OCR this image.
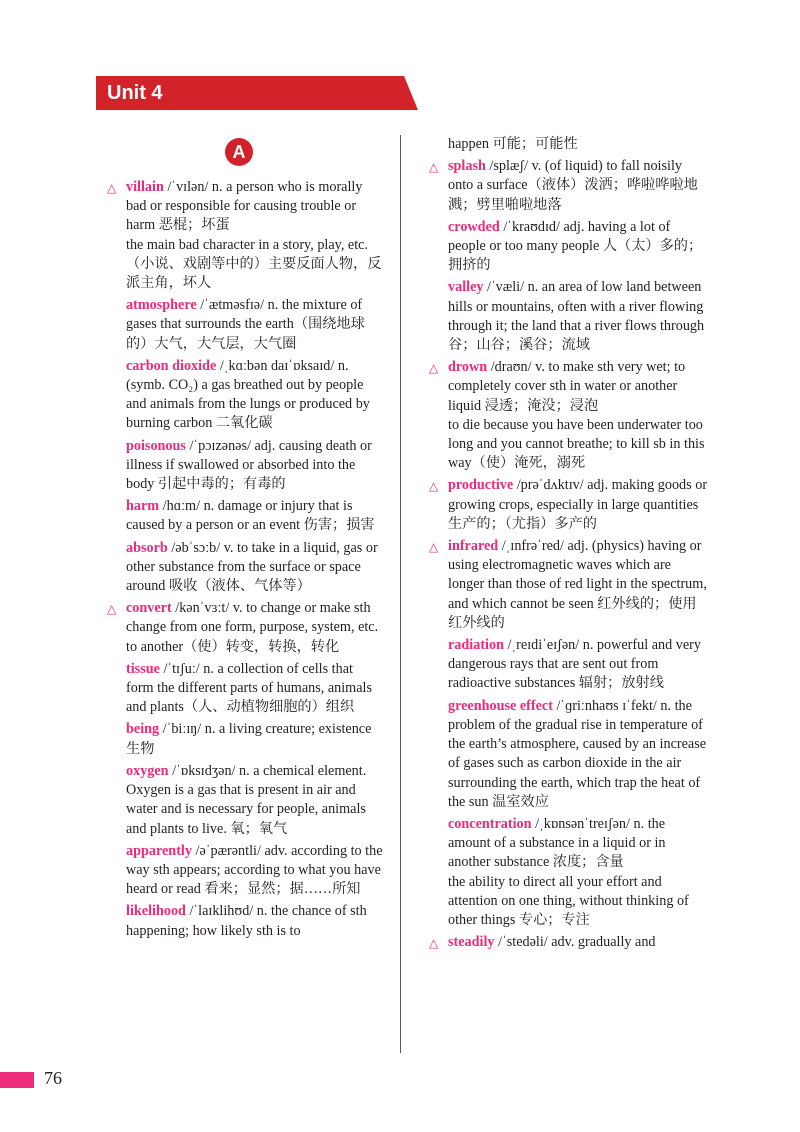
Unit 4
A
△ villain /ˈvɪlən/ n. a person who is morally bad or responsible for causing trouble or harm 恶棍；坏蛋
the main bad character in a story, play, etc.（小说、戏剧等中的）主要反面人物，反派主角，坏人
atmosphere /ˈætməsfɪə/ n. the mixture of gases that surrounds the earth（围绕地球的）大气，大气层，大气圈
carbon dioxide /ˌkɑːbən daɪˈɒksaɪd/ n. (symb. CO₂) a gas breathed out by people and animals from the lungs or produced by burning carbon 二氧化碳
poisonous /ˈpɔɪzənəs/ adj. causing death or illness if swallowed or absorbed into the body 引起中毒的；有毒的
harm /hɑːm/ n. damage or injury that is caused by a person or an event 伤害；损害
absorb /əbˈsɔːb/ v. to take in a liquid, gas or other substance from the surface or space around 吸收（液体、气体等）
△ convert /kənˈvɜːt/ v. to change or make sth change from one form, purpose, system, etc. to another（使）转变，转换，转化
tissue /ˈtɪʃuː/ n. a collection of cells that form the different parts of humans, animals and plants（人、动植物细胞的）组织
being /ˈbiːɪŋ/ n. a living creature; existence 生物
oxygen /ˈɒksɪdʒən/ n. a chemical element. Oxygen is a gas that is present in air and water and is necessary for people, animals and plants to live. 氧；氧气
apparently /əˈpærəntli/ adv. according to the way sth appears; according to what you have heard or read 看来；显然；据……所知
likelihood /ˈlaɪklihʊd/ n. the chance of sth happening; how likely sth is to
happen 可能；可能性
△ splash /splæʃ/ v. (of liquid) to fall noisily onto a surface（液体）泼洒；哗啦哗啦地溅；劈里啪啦地落
crowded /ˈkraʊdɪd/ adj. having a lot of people or too many people 人（太）多的；拥挤的
valley /ˈvæli/ n. an area of low land between hills or mountains, often with a river flowing through it; the land that a river flows through 谷；山谷；溪谷；流域
△ drown /draʊn/ v. to make sth very wet; to completely cover sth in water or another liquid 浸透；淹没；浸泡
to die because you have been underwater too long and you cannot breathe; to kill sb in this way（使）淹死，溺死
△ productive /prəˈdʌktɪv/ adj. making goods or growing crops, especially in large quantities 生产的；（尤指）多产的
△ infrared /ˌɪnfrəˈred/ adj. (physics) having or using electromagnetic waves which are longer than those of red light in the spectrum, and which cannot be seen 红外线的；使用红外线的
radiation /ˌreɪdiˈeɪʃən/ n. powerful and very dangerous rays that are sent out from radioactive substances 辐射；放射线
greenhouse effect /ˈɡriːnhaʊs ɪˈfekt/ n. the problem of the gradual rise in temperature of the earth’s atmosphere, caused by an increase of gases such as carbon dioxide in the air surrounding the earth, which trap the heat of the sun 温室效应
concentration /ˌkɒnsənˈtreɪʃən/ n. the amount of a substance in a liquid or in another substance 浓度；含量
the ability to direct all your effort and attention on one thing, without thinking of other things 专心；专注
△ steadily /ˈstedəli/ adv. gradually and
76
